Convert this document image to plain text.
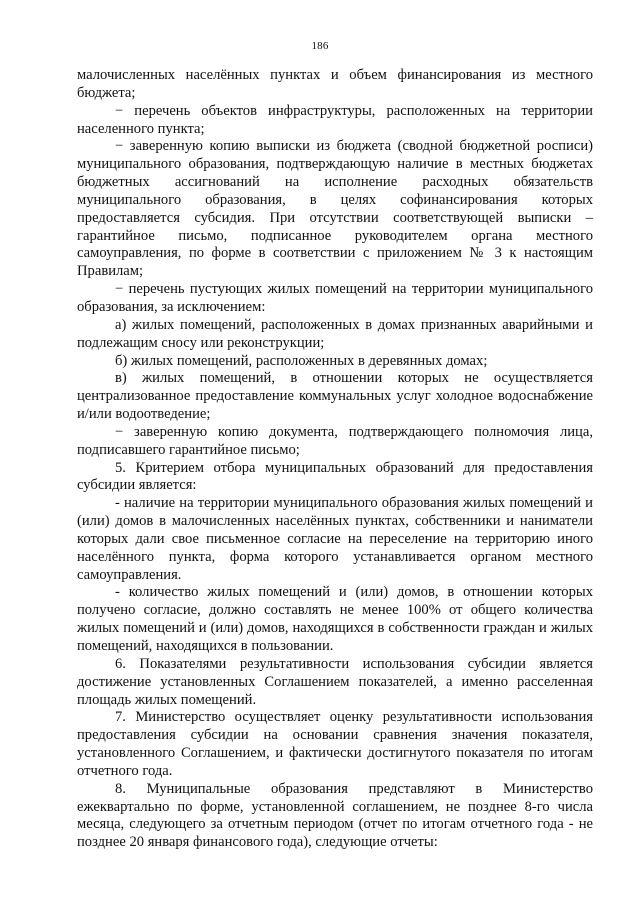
186

малочисленных населённых пунктах и объем финансирования из местного бюджета;

− перечень объектов инфраструктуры, расположенных на территории населенного пункта;

− заверенную копию выписки из бюджета (сводной бюджетной росписи) муниципального образования, подтверждающую наличие в местных бюджетах бюджетных ассигнований на исполнение расходных обязательств муниципального образования, в целях софинансирования которых предоставляется субсидия. При отсутствии соответствующей выписки – гарантийное письмо, подписанное руководителем органа местного самоуправления, по форме в соответствии с приложением № 3 к настоящим Правилам;

− перечень пустующих жилых помещений на территории муниципального образования, за исключением:

а) жилых помещений, расположенных в домах признанных аварийными и подлежащим сносу или реконструкции;

б) жилых помещений, расположенных в деревянных домах;

в) жилых помещений, в отношении которых не осуществляется централизованное предоставление коммунальных услуг холодное водоснабжение и/или водоотведение;

− заверенную копию документа, подтверждающего полномочия лица, подписавшего гарантийное письмо;

5. Критерием отбора муниципальных образований для предоставления субсидии является:

- наличие на территории муниципального образования жилых помещений и (или) домов в малочисленных населённых пунктах, собственники и наниматели которых дали свое письменное согласие на переселение на территорию иного населённого пункта, форма которого устанавливается органом местного самоуправления.

- количество жилых помещений и (или) домов, в отношении которых получено согласие, должно составлять не менее 100% от общего количества жилых помещений и (или) домов, находящихся в собственности граждан и жилых помещений, находящихся в пользовании.

6. Показателями результативности использования субсидии является достижение установленных Соглашением показателей, а именно расселенная площадь жилых помещений.

7. Министерство осуществляет оценку результативности использования предоставления субсидии на основании сравнения значения показателя, установленного Соглашением, и фактически достигнутого показателя по итогам отчетного года.

8. Муниципальные образования представляют в Министерство ежеквартально по форме, установленной соглашением, не позднее 8-го числа месяца, следующего за отчетным периодом (отчет по итогам отчетного года - не позднее 20 января финансового года), следующие отчеты:
